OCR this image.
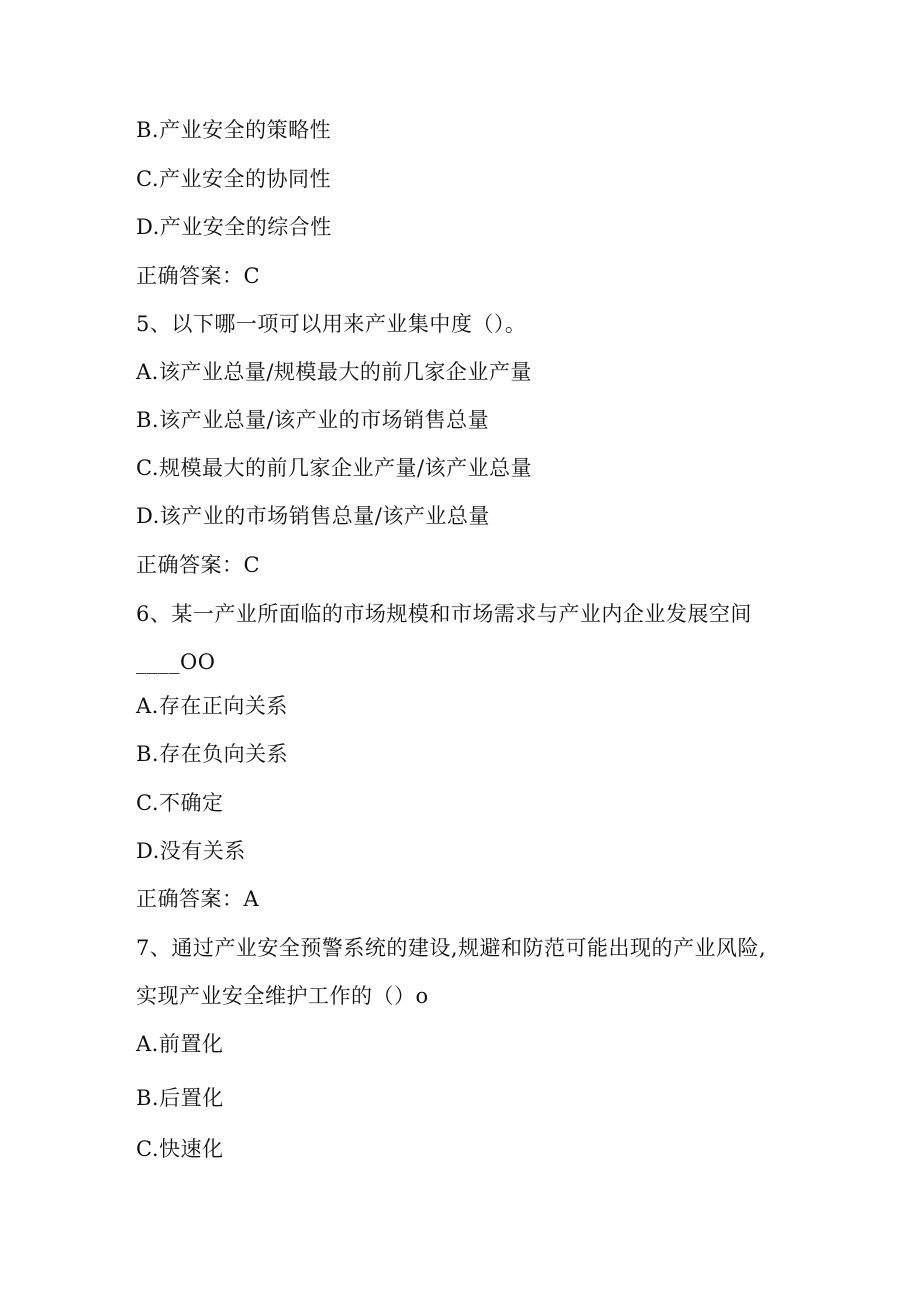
B.产业安全的策略性
C.产业安全的协同性
D.产业安全的综合性
正确答案：C
5、以下哪一项可以用来产业集中度（）。
A.该产业总量/规模最大的前几家企业产量
B.该产业总量/该产业的市场销售总量
C.规模最大的前几家企业产量/该产业总量
D.该产业的市场销售总量/该产业总量
正确答案：C
6、某一产业所面临的市场规模和市场需求与产业内企业发展空间
____OO
A.存在正向关系
B.存在负向关系
C.不确定
D.没有关系
正确答案：A
7、通过产业安全预警系统的建设,规避和防范可能出现的产业风险,
实现产业安全维护工作的（）o
A.前置化
B.后置化
C.快速化
